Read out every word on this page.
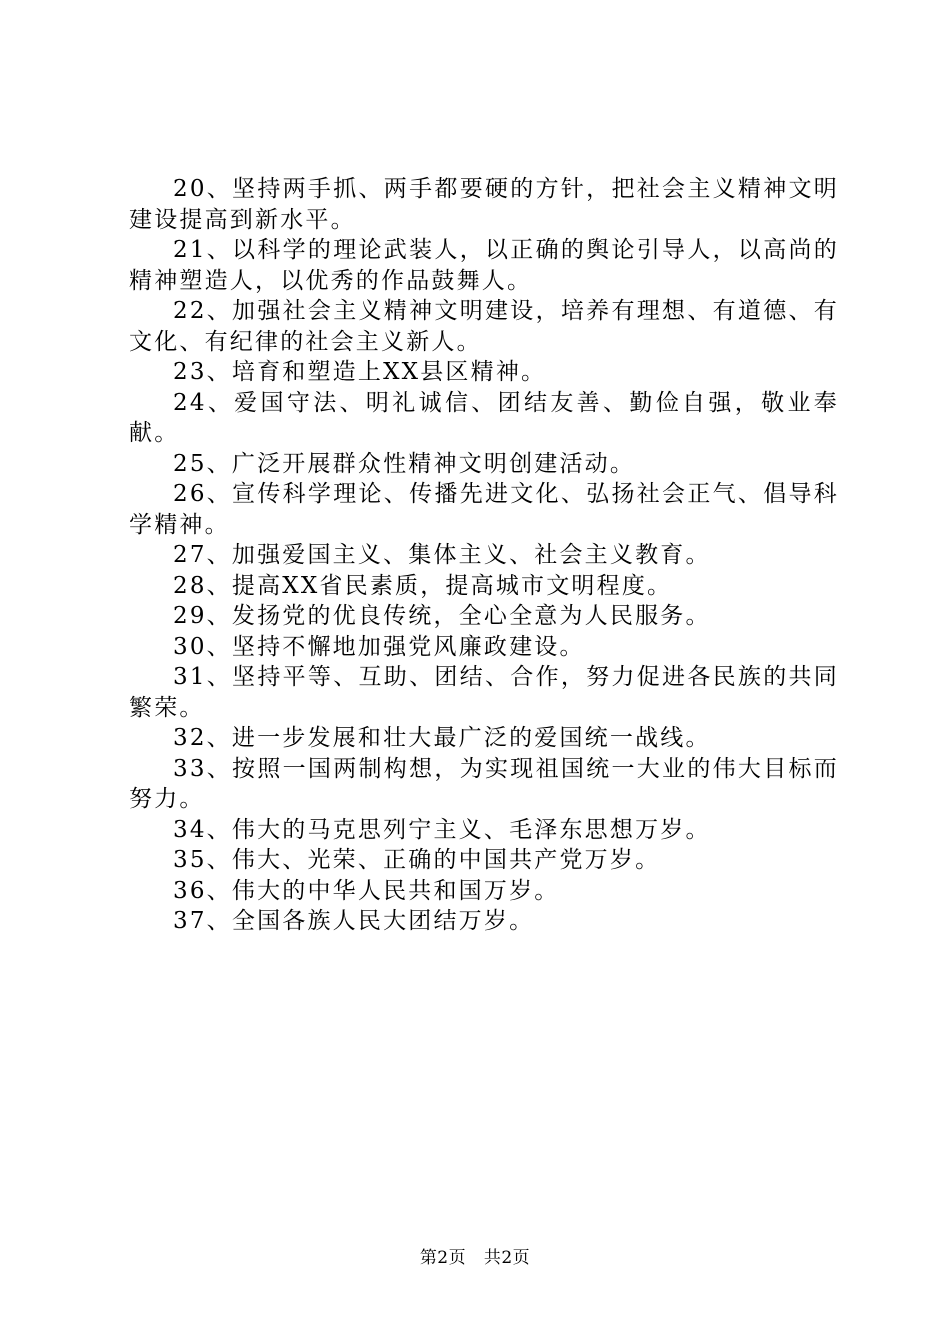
20、坚持两手抓、两手都要硬的方针，把社会主义精神文明建设提高到新水平。

21、以科学的理论武装人，以正确的舆论引导人，以高尚的精神塑造人，以优秀的作品鼓舞人。

22、加强社会主义精神文明建设，培养有理想、有道德、有文化、有纪律的社会主义新人。

23、培育和塑造上XX县区精神。

24、爱国守法、明礼诚信、团结友善、勤俭自强，敬业奉献。

25、广泛开展群众性精神文明创建活动。

26、宣传科学理论、传播先进文化、弘扬社会正气、倡导科学精神。

27、加强爱国主义、集体主义、社会主义教育。

28、提高XX省民素质，提高城市文明程度。

29、发扬党的优良传统，全心全意为人民服务。

30、坚持不懈地加强党风廉政建设。

31、坚持平等、互助、团结、合作，努力促进各民族的共同繁荣。

32、进一步发展和壮大最广泛的爱国统一战线。

33、按照一国两制构想，为实现祖国统一大业的伟大目标而努力。

34、伟大的马克思列宁主义、毛泽东思想万岁。

35、伟大、光荣、正确的中国共产党万岁。

36、伟大的中华人民共和国万岁。

37、全国各族人民大团结万岁。

第2页 共2页
